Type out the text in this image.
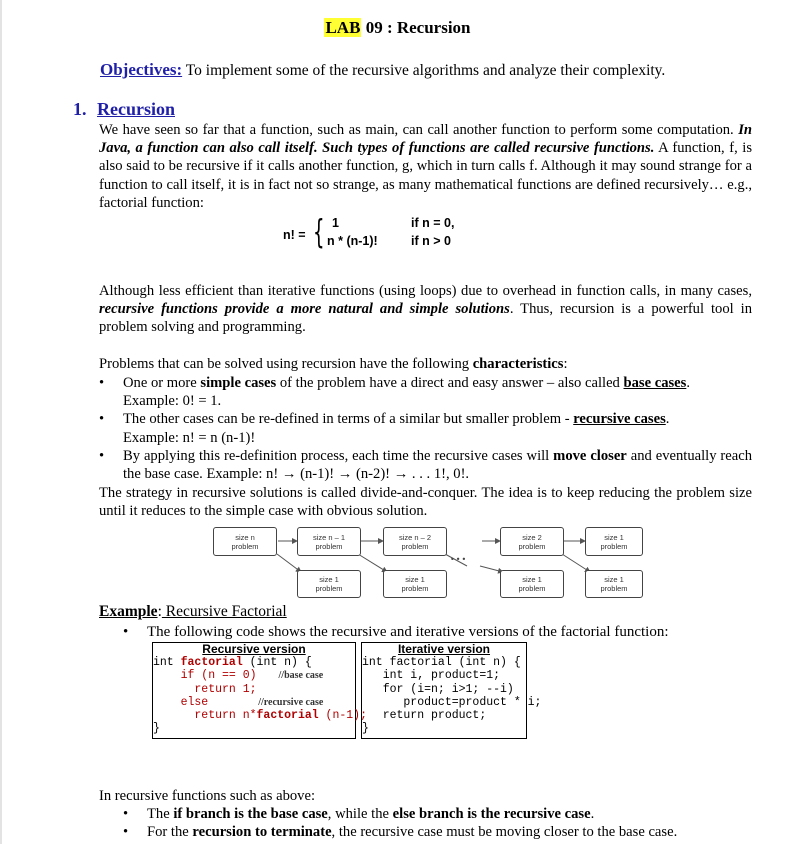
LAB 09 : Recursion
Objectives: To implement some of the recursive algorithms and analyze their complexity.
1. Recursion
We have seen so far that a function, such as main, can call another function to perform some computation. In Java, a function can also call itself. Such types of functions are called recursive functions. A function, f, is also said to be recursive if it calls another function, g, which in turn calls f. Although it may sound strange for a function to call itself, it is in fact not so strange, as many mathematical functions are defined recursively… e.g., factorial function:
n! = { 1	if n = 0,
n * (n-1)!	if n > 0
Although less efficient than iterative functions (using loops) due to overhead in function calls, in many cases, recursive functions provide a more natural and simple solutions. Thus, recursion is a powerful tool in problem solving and programming.
Problems that can be solved using recursion have the following characteristics:
• One or more simple cases of the problem have a direct and easy answer – also called base cases.
Example: 0! = 1.
• The other cases can be re-defined in terms of a similar but smaller problem - recursive cases.
Example: n! = n (n-1)!
• By applying this re-definition process, each time the recursive cases will move closer and eventually reach the base case. Example: n! → (n-1)! → (n-2)! → . . . 1!, 0!.
The strategy in recursive solutions is called divide-and-conquer. The idea is to keep reducing the problem size until it reduces to the simple case with obvious solution.
size n
problem
size n – 1
problem
size n – 2
problem
size 2
problem
size 1
problem
•••
size 1
problem
size 1
problem
size 1
problem
size 1
problem
Example: Recursive Factorial
• The following code shows the recursive and iterative versions of the factorial function:
Recursive version
int factorial (int n) {
if (n == 0) //base case
return 1;
else	//recursive case
return n*factorial (n-1);
}
Iterative version
int factorial (int n) {
int i, product=1;
for (i=n; i>1; --i)
product=product * i;
return product;
}
In recursive functions such as above:
• The if branch is the base case, while the else branch is the recursive case.
• For the recursion to terminate, the recursive case must be moving closer to the base case.
